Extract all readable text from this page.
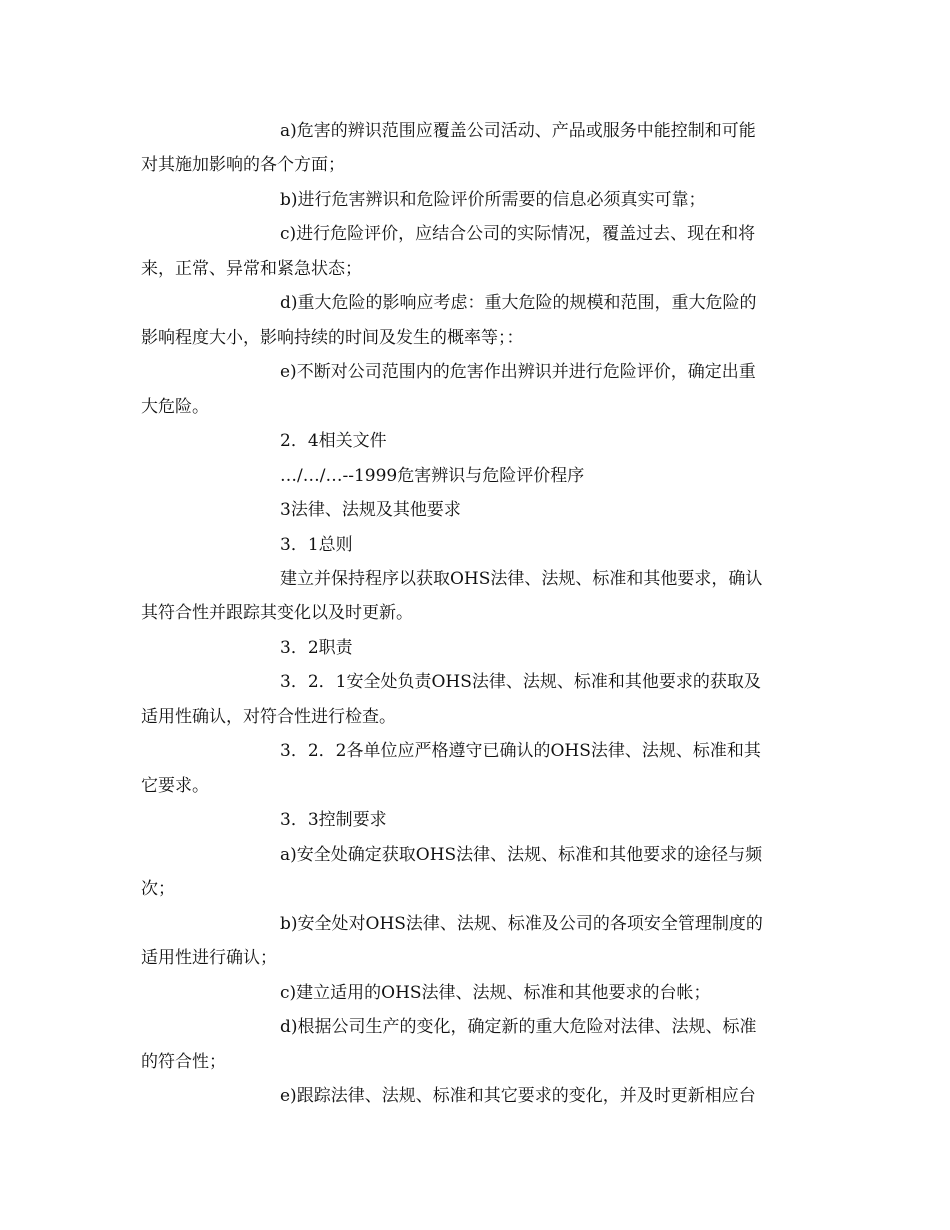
a)危害的辨识范围应覆盖公司活动、产品或服务中能控制和可能
对其施加影响的各个方面；
b)进行危害辨识和危险评价所需要的信息必须真实可靠；
c)进行危险评价，应结合公司的实际情况，覆盖过去、现在和将
来，正常、异常和紧急状态；
d)重大危险的影响应考虑：重大危险的规模和范围，重大危险的
影响程度大小，影响持续的时间及发生的概率等；：
e)不断对公司范围内的危害作出辨识并进行危险评价，确定出重
大危险。
2．4相关文件
…/…/…--1999危害辨识与危险评价程序
3法律、法规及其他要求
3．1总则
建立并保持程序以获取OHS法律、法规、标准和其他要求，确认
其符合性并跟踪其变化以及时更新。
3．2职责
3．2．1安全处负责OHS法律、法规、标准和其他要求的获取及
适用性确认，对符合性进行检查。
3．2．2各单位应严格遵守已确认的OHS法律、法规、标准和其
它要求。
3．3控制要求
a)安全处确定获取OHS法律、法规、标准和其他要求的途径与频
次；
b)安全处对OHS法律、法规、标准及公司的各项安全管理制度的
适用性进行确认；
c)建立适用的OHS法律、法规、标准和其他要求的台帐；
d)根据公司生产的变化，确定新的重大危险对法律、法规、标准
的符合性；
e)跟踪法律、法规、标准和其它要求的变化，并及时更新相应台
